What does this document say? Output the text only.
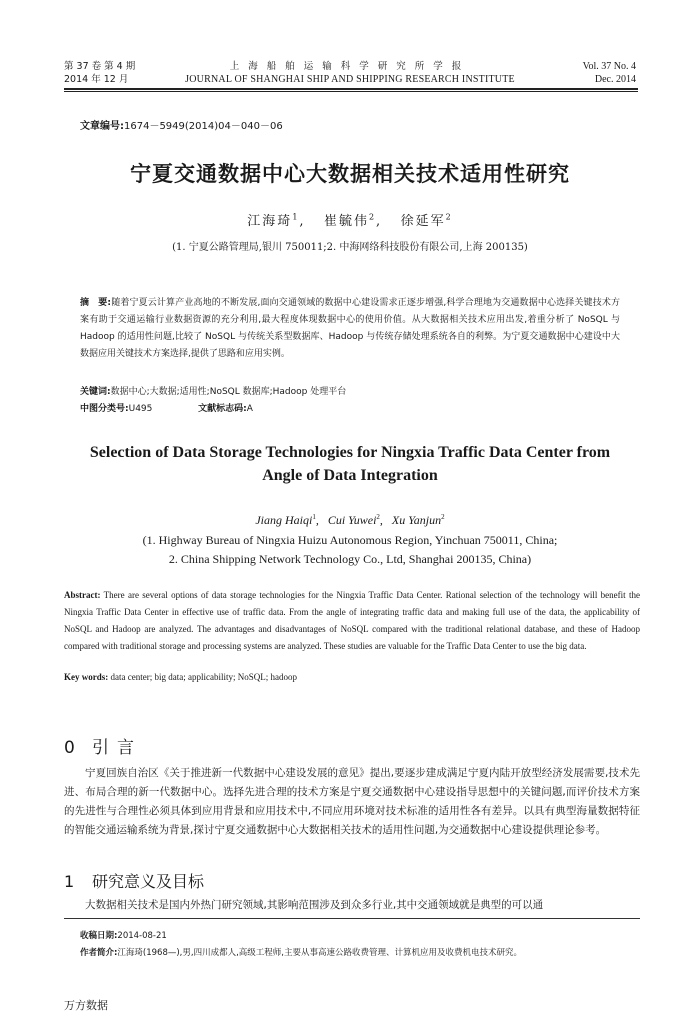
第 37 卷 第 4 期
2014 年 12 月
上海船舶运输科学研究所学报
JOURNAL OF SHANGHAI SHIP AND SHIPPING RESEARCH INSTITUTE
Vol. 37 No. 4
Dec. 2014
文章编号:1674－5949(2014)04－040－06
宁夏交通数据中心大数据相关技术适用性研究
江海琦$^1$,   崔毓伟$^2$,   徐延军$^2$
(1. 宁夏公路管理局,银川 750011;2. 中海网络科技股份有限公司,上海 200135)
摘　要:随着宁夏云计算产业高地的不断发展,面向交通领域的数据中心建设需求正逐步增强,科学合理地为交通数据中心选择关键技术方案有助于交通运输行业数据资源的充分利用,最大程度体现数据中心的使用价值。从大数据相关技术应用出发,着重分析了 NoSQL 与 Hadoop 的适用性问题,比较了 NoSQL 与传统关系型数据库、Hadoop 与传统存储处理系统各自的利弊。为宁夏交通数据中心建设中大数据应用关键技术方案选择,提供了思路和应用实例。
关键词:数据中心;大数据;适用性;NoSQL 数据库;Hadoop 处理平台
中图分类号:U495	文献标志码:A
Selection of Data Storage Technologies for Ningxia Traffic Data Center from Angle of Data Integration
Jiang Haiqi$^1$,   Cui Yuwei$^2$,   Xu Yanjun$^2$
(1. Highway Bureau of Ningxia Huizu Autonomous Region, Yinchuan 750011, China;
2. China Shipping Network Technology Co., Ltd, Shanghai 200135, China)
Abstract: There are several options of data storage technologies for the Ningxia Traffic Data Center. Rational selection of the technology will benefit the Ningxia Traffic Data Center in effective use of traffic data. From the angle of integrating traffic data and making full use of the data, the applicability of NoSQL and Hadoop are analyzed. The advantages and disadvantages of NoSQL compared with the traditional relational database, and these of Hadoop compared with traditional storage and processing systems are analyzed. These studies are valuable for the Traffic Data Center to use the big data.
Key words: data center; big data; applicability; NoSQL; hadoop
0 引言
  宁夏回族自治区《关于推进新一代数据中心建设发展的意见》提出,要逐步建成满足宁夏内陆开放型经济发展需要,技术先进、布局合理的新一代数据中心。选择先进合理的技术方案是宁夏交通数据中心建设指导思想中的关键问题,而评价技术方案的先进性与合理性必须具体到应用背景和应用技术中,不同应用环境对技术标准的适用性各有差异。以具有典型海量数据特征的智能交通运输系统为背景,探讨宁夏交通数据中心大数据相关技术的适用性问题,为交通数据中心建设提供理论参考。
1 研究意义及目标
  大数据相关技术是国内外热门研究领域,其影响范围涉及到众多行业,其中交通领域就是典型的可以通
收稿日期:2014-08-21
作者简介:江海琦(1968—),男,四川成都人,高级工程师,主要从事高速公路收费管理、计算机应用及收费机电技术研究。
万方数据
